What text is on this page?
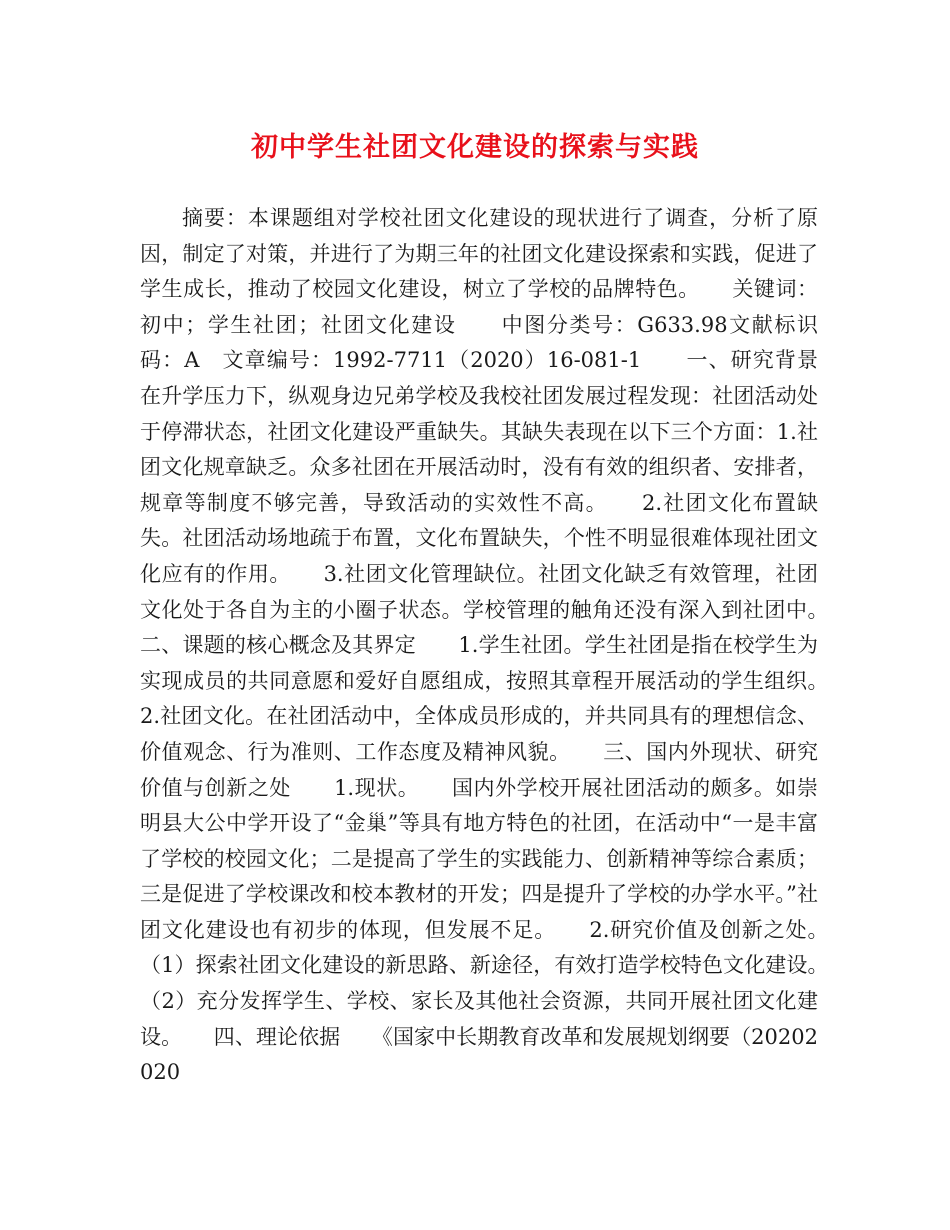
初中学生社团文化建设的探索与实践

摘要：本课题组对学校社团文化建设的现状进行了调查，分析了原因，制定了对策，并进行了为期三年的社团文化建设探索和实践，促进了学生成长，推动了校园文化建设，树立了学校的品牌特色。　　关键词：初中；学生社团；社团文化建设　　中图分类号：G633.98文献标识码：A　文章编号：1992-7711（2020）16-081-1　　一、研究背景　　在升学压力下，纵观身边兄弟学校及我校社团发展过程发现：社团活动处于停滞状态，社团文化建设严重缺失。其缺失表现在以下三个方面：1.社团文化规章缺乏。众多社团在开展活动时，没有有效的组织者、安排者，规章等制度不够完善，导致活动的实效性不高。　　2.社团文化布置缺失。社团活动场地疏于布置，文化布置缺失，个性不明显很难体现社团文化应有的作用。　　3.社团文化管理缺位。社团文化缺乏有效管理，社团文化处于各自为主的小圈子状态。学校管理的触角还没有深入到社团中。　　二、课题的核心概念及其界定　　1.学生社团。学生社团是指在校学生为实现成员的共同意愿和爱好自愿组成，按照其章程开展活动的学生组织。　　2.社团文化。在社团活动中，全体成员形成的，并共同具有的理想信念、价值观念、行为准则、工作态度及精神风貌。　　三、国内外现状、研究价值与创新之处　　1.现状。　　国内外学校开展社团活动的颇多。如崇明县大公中学开设了“金巢”等具有地方特色的社团，在活动中“一是丰富了学校的校园文化；二是提高了学生的实践能力、创新精神等综合素质；三是促进了学校课改和校本教材的开发；四是提升了学校的办学水平。”社团文化建设也有初步的体现，但发展不足。　　2.研究价值及创新之处。　　（1）探索社团文化建设的新思路、新途径，有效打造学校特色文化建设。　　（2）充分发挥学生、学校、家长及其他社会资源，共同开展社团文化建设。　　四、理论依据　　《国家中长期教育改革和发展规划纲要（20202020
